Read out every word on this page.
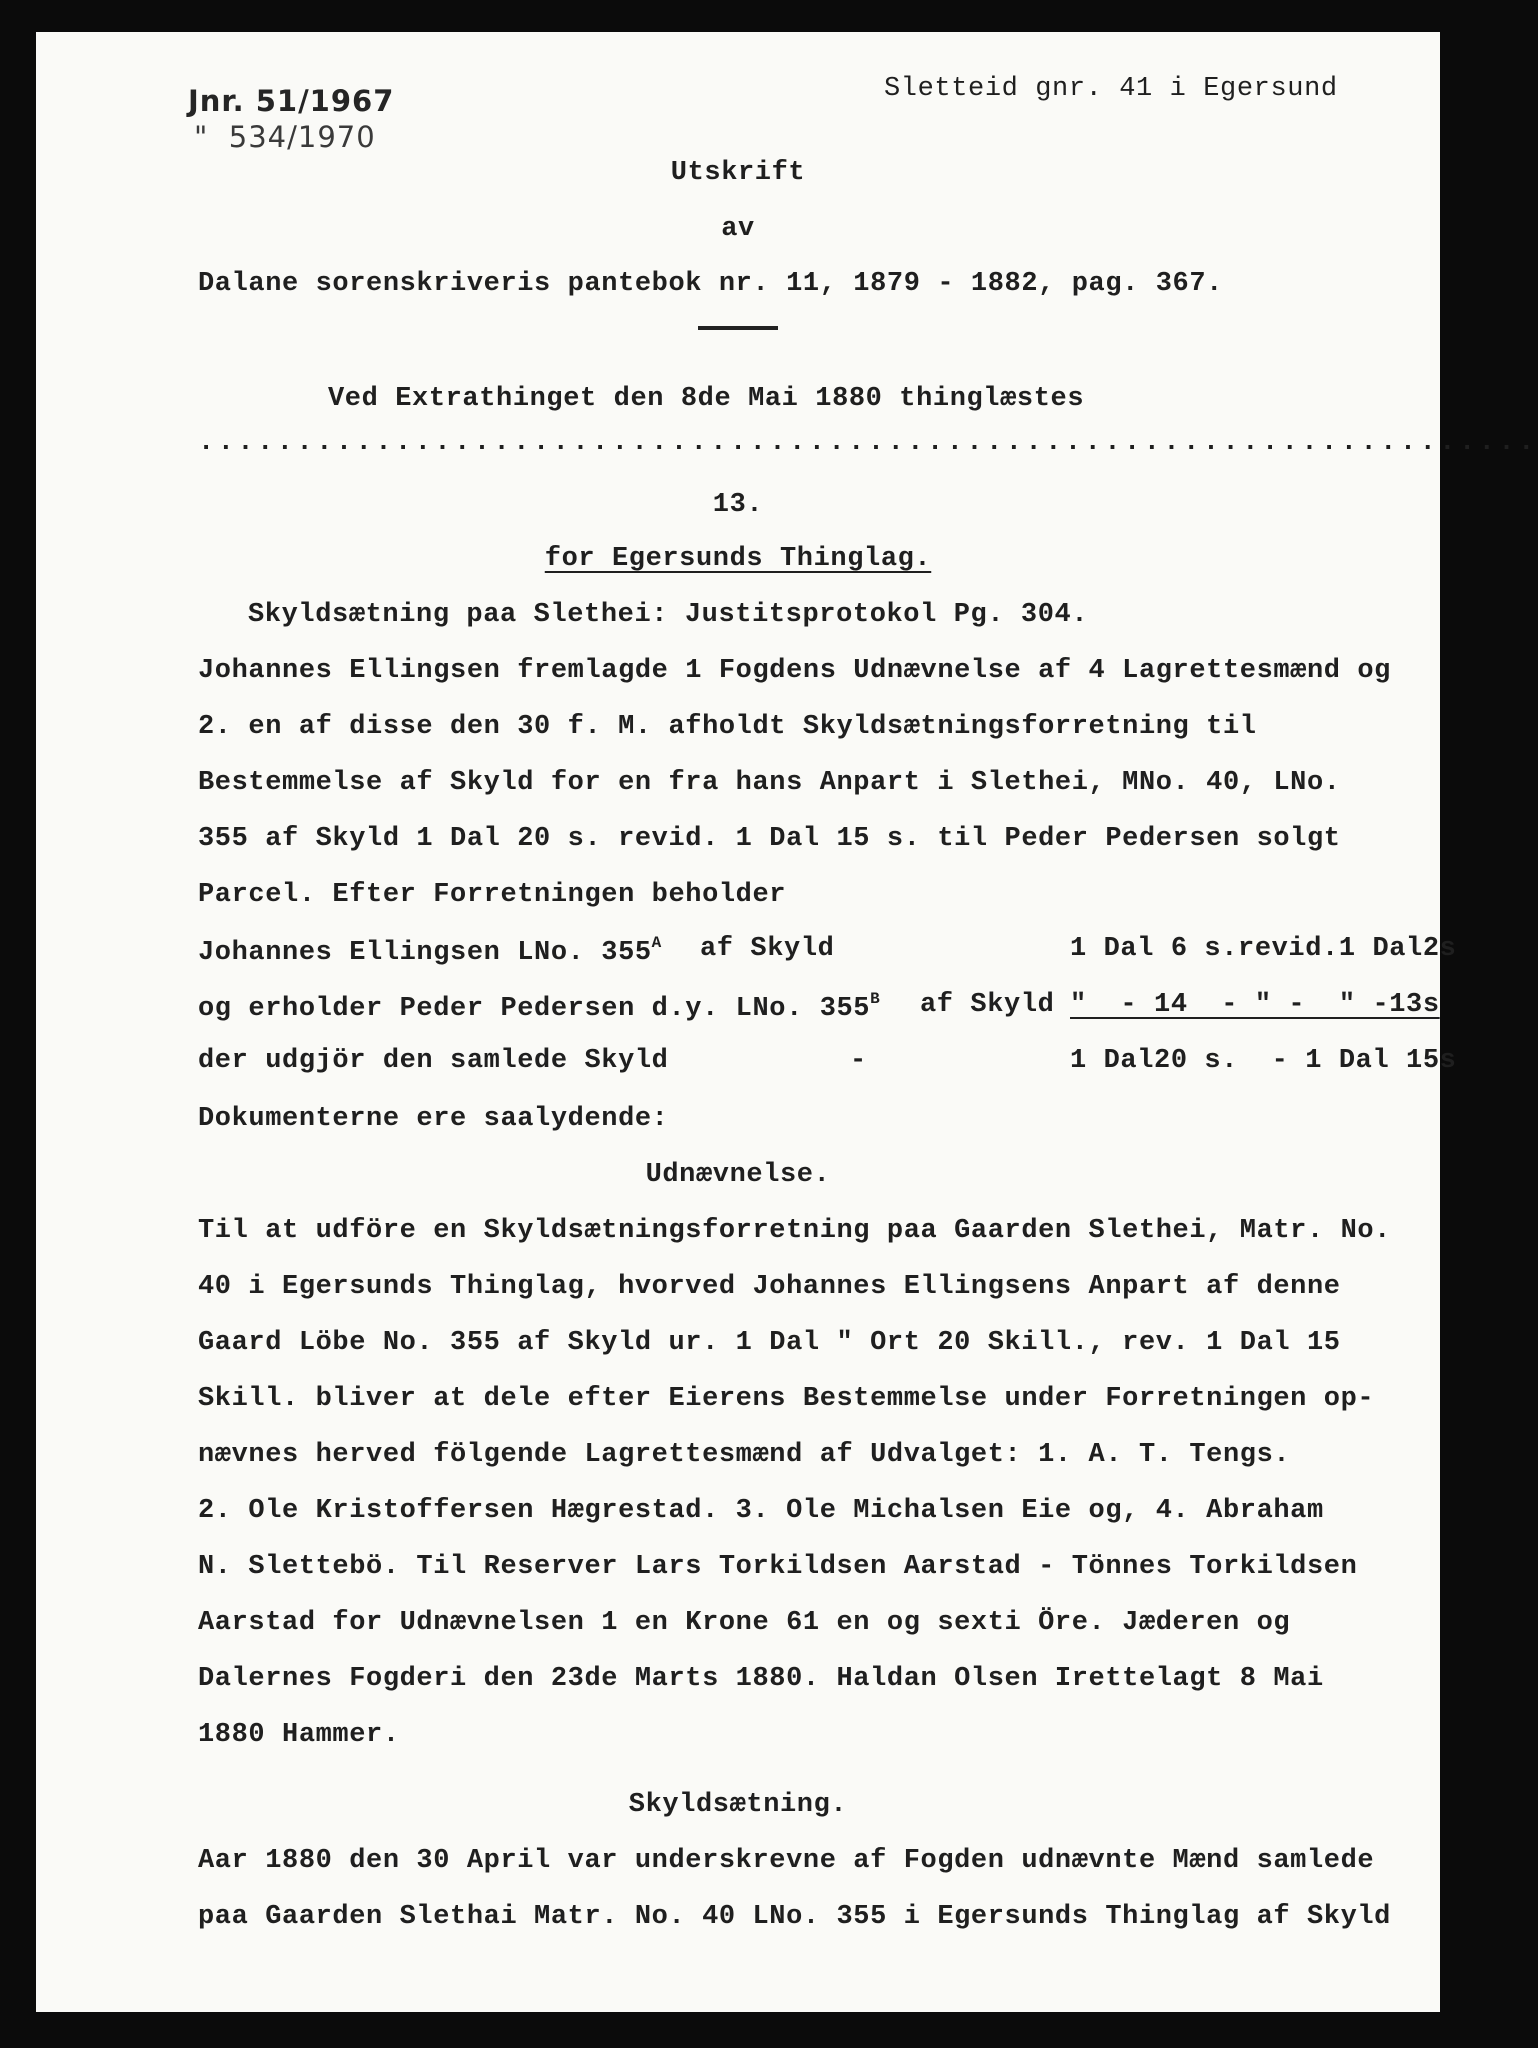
Jnr. 51/1967
"  534/1970
Sletteid gnr. 41 i Egersund
Utskrift
av
Dalane sorenskriveris pantebok nr. 11, 1879 - 1882, pag. 367.
Ved Extrathinget den 8de Mai 1880 thinglæstes
....................................................................
13.
for Egersunds Thinglag.
Skyldsætning paa Slethei: Justitsprotokol Pg. 304.
Johannes Ellingsen fremlagde 1 Fogdens Udnævnelse af 4 Lagrettesmænd og
2. en af disse den 30 f. M. afholdt Skyldsætningsforretning til
Bestemmelse af Skyld for en fra hans Anpart i Slethei, MNo. 40, LNo.
355 af Skyld 1 Dal 20 s. revid. 1 Dal 15 s. til Peder Pedersen solgt
Parcel. Efter Forretningen beholder
Johannes Ellingsen LNo. $355^A$ af Skyld	1 Dal 6 s.revid.1 Dal2s
og erholder Peder Pedersen d.y. LNo. $355^B$ af Skyld "  - 14  - " -  " -13s
der udgjör den samlede Skyld	-	1 Dal20 s.  - 1 Dal 15s
Dokumenterne ere saalydende:
Udnævnelse.
Til at udföre en Skyldsætningsforretning paa Gaarden Slethei, Matr. No.
40 i Egersunds Thinglag, hvorved Johannes Ellingsens Anpart af denne
Gaard Löbe No. 355 af Skyld ur. 1 Dal " Ort 20 Skill., rev. 1 Dal 15
Skill. bliver at dele efter Eierens Bestemmelse under Forretningen op-
nævnes herved fölgende Lagrettesmænd af Udvalget: 1. A. T. Tengs.
2. Ole Kristoffersen Hægrestad. 3. Ole Michalsen Eie og, 4. Abraham
N. Slettebö. Til Reserver Lars Torkildsen Aarstad - Tönnes Torkildsen
Aarstad for Udnævnelsen 1 en Krone 61 en og sexti Öre. Jæderen og
Dalernes Fogderi den 23de Marts 1880. Haldan Olsen Irettelagt 8 Mai
1880 Hammer.
Skyldsætning.
Aar 1880 den 30 April var underskrevne af Fogden udnævnte Mænd samlede
paa Gaarden Slethai Matr. No. 40 LNo. 355 i Egersunds Thinglag af Skyld
